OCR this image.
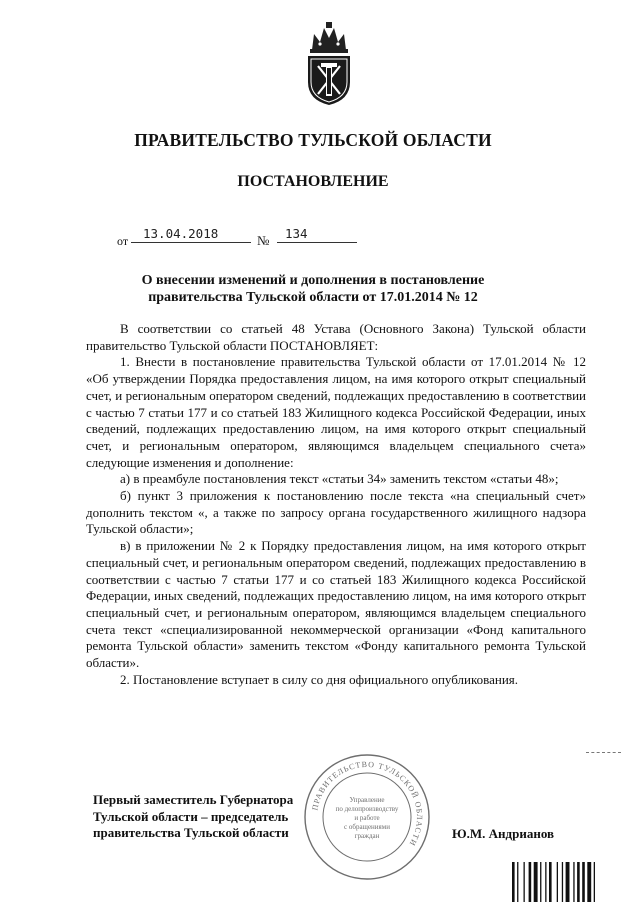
ПРАВИТЕЛЬСТВО ТУЛЬСКОЙ ОБЛАСТИ
ПОСТАНОВЛЕНИЕ
от 13.04.2018	№ 134
О внесении изменений и дополнения в постановление
правительства Тульской области от 17.01.2014 № 12

В соответствии со статьей 48 Устава (Основного Закона) Тульской области правительство Тульской области ПОСТАНОВЛЯЕТ:

1. Внести в постановление правительства Тульской области от 17.01.2014 № 12 «Об утверждении Порядка предоставления лицом, на имя которого открыт специальный счет, и региональным оператором сведений, подлежащих предоставлению в соответствии с частью 7 статьи 177 и со статьей 183 Жилищного кодекса Российской Федерации, иных сведений, подлежащих предоставлению лицом, на имя которого открыт специальный счет, и региональным оператором, являющимся владельцем специального счета» следующие изменения и дополнение:

а) в преамбуле постановления текст «статьи 34» заменить текстом «статьи 48»;

б) пункт 3 приложения к постановлению после текста «на специальный счет» дополнить текстом «, а также по запросу органа государственного жилищного надзора Тульской области»;

в) в приложении № 2 к Порядку предоставления лицом, на имя которого открыт специальный счет, и региональным оператором сведений, подлежащих предоставлению в соответствии с частью 7 статьи 177 и со статьей 183 Жилищного кодекса Российской Федерации, иных сведений, подлежащих предоставлению лицом, на имя которого открыт специальный счет, и региональным оператором, являющимся владельцем специального счета текст «специализированной некоммерческой организации «Фонд капитального ремонта Тульской области» заменить текстом «Фонду капитального ремонта Тульской области».

2. Постановление вступает в силу со дня официального опубликования.

ПРАВИТЕЛЬСТВО ТУЛЬСКОЙ ОБЛАСТИ
Управление
по делопроизводству
и работе
с обращениями
граждан
Первый заместитель Губернатора
Тульской области – председатель
правительства Тульской области	Ю.М. Андрианов
